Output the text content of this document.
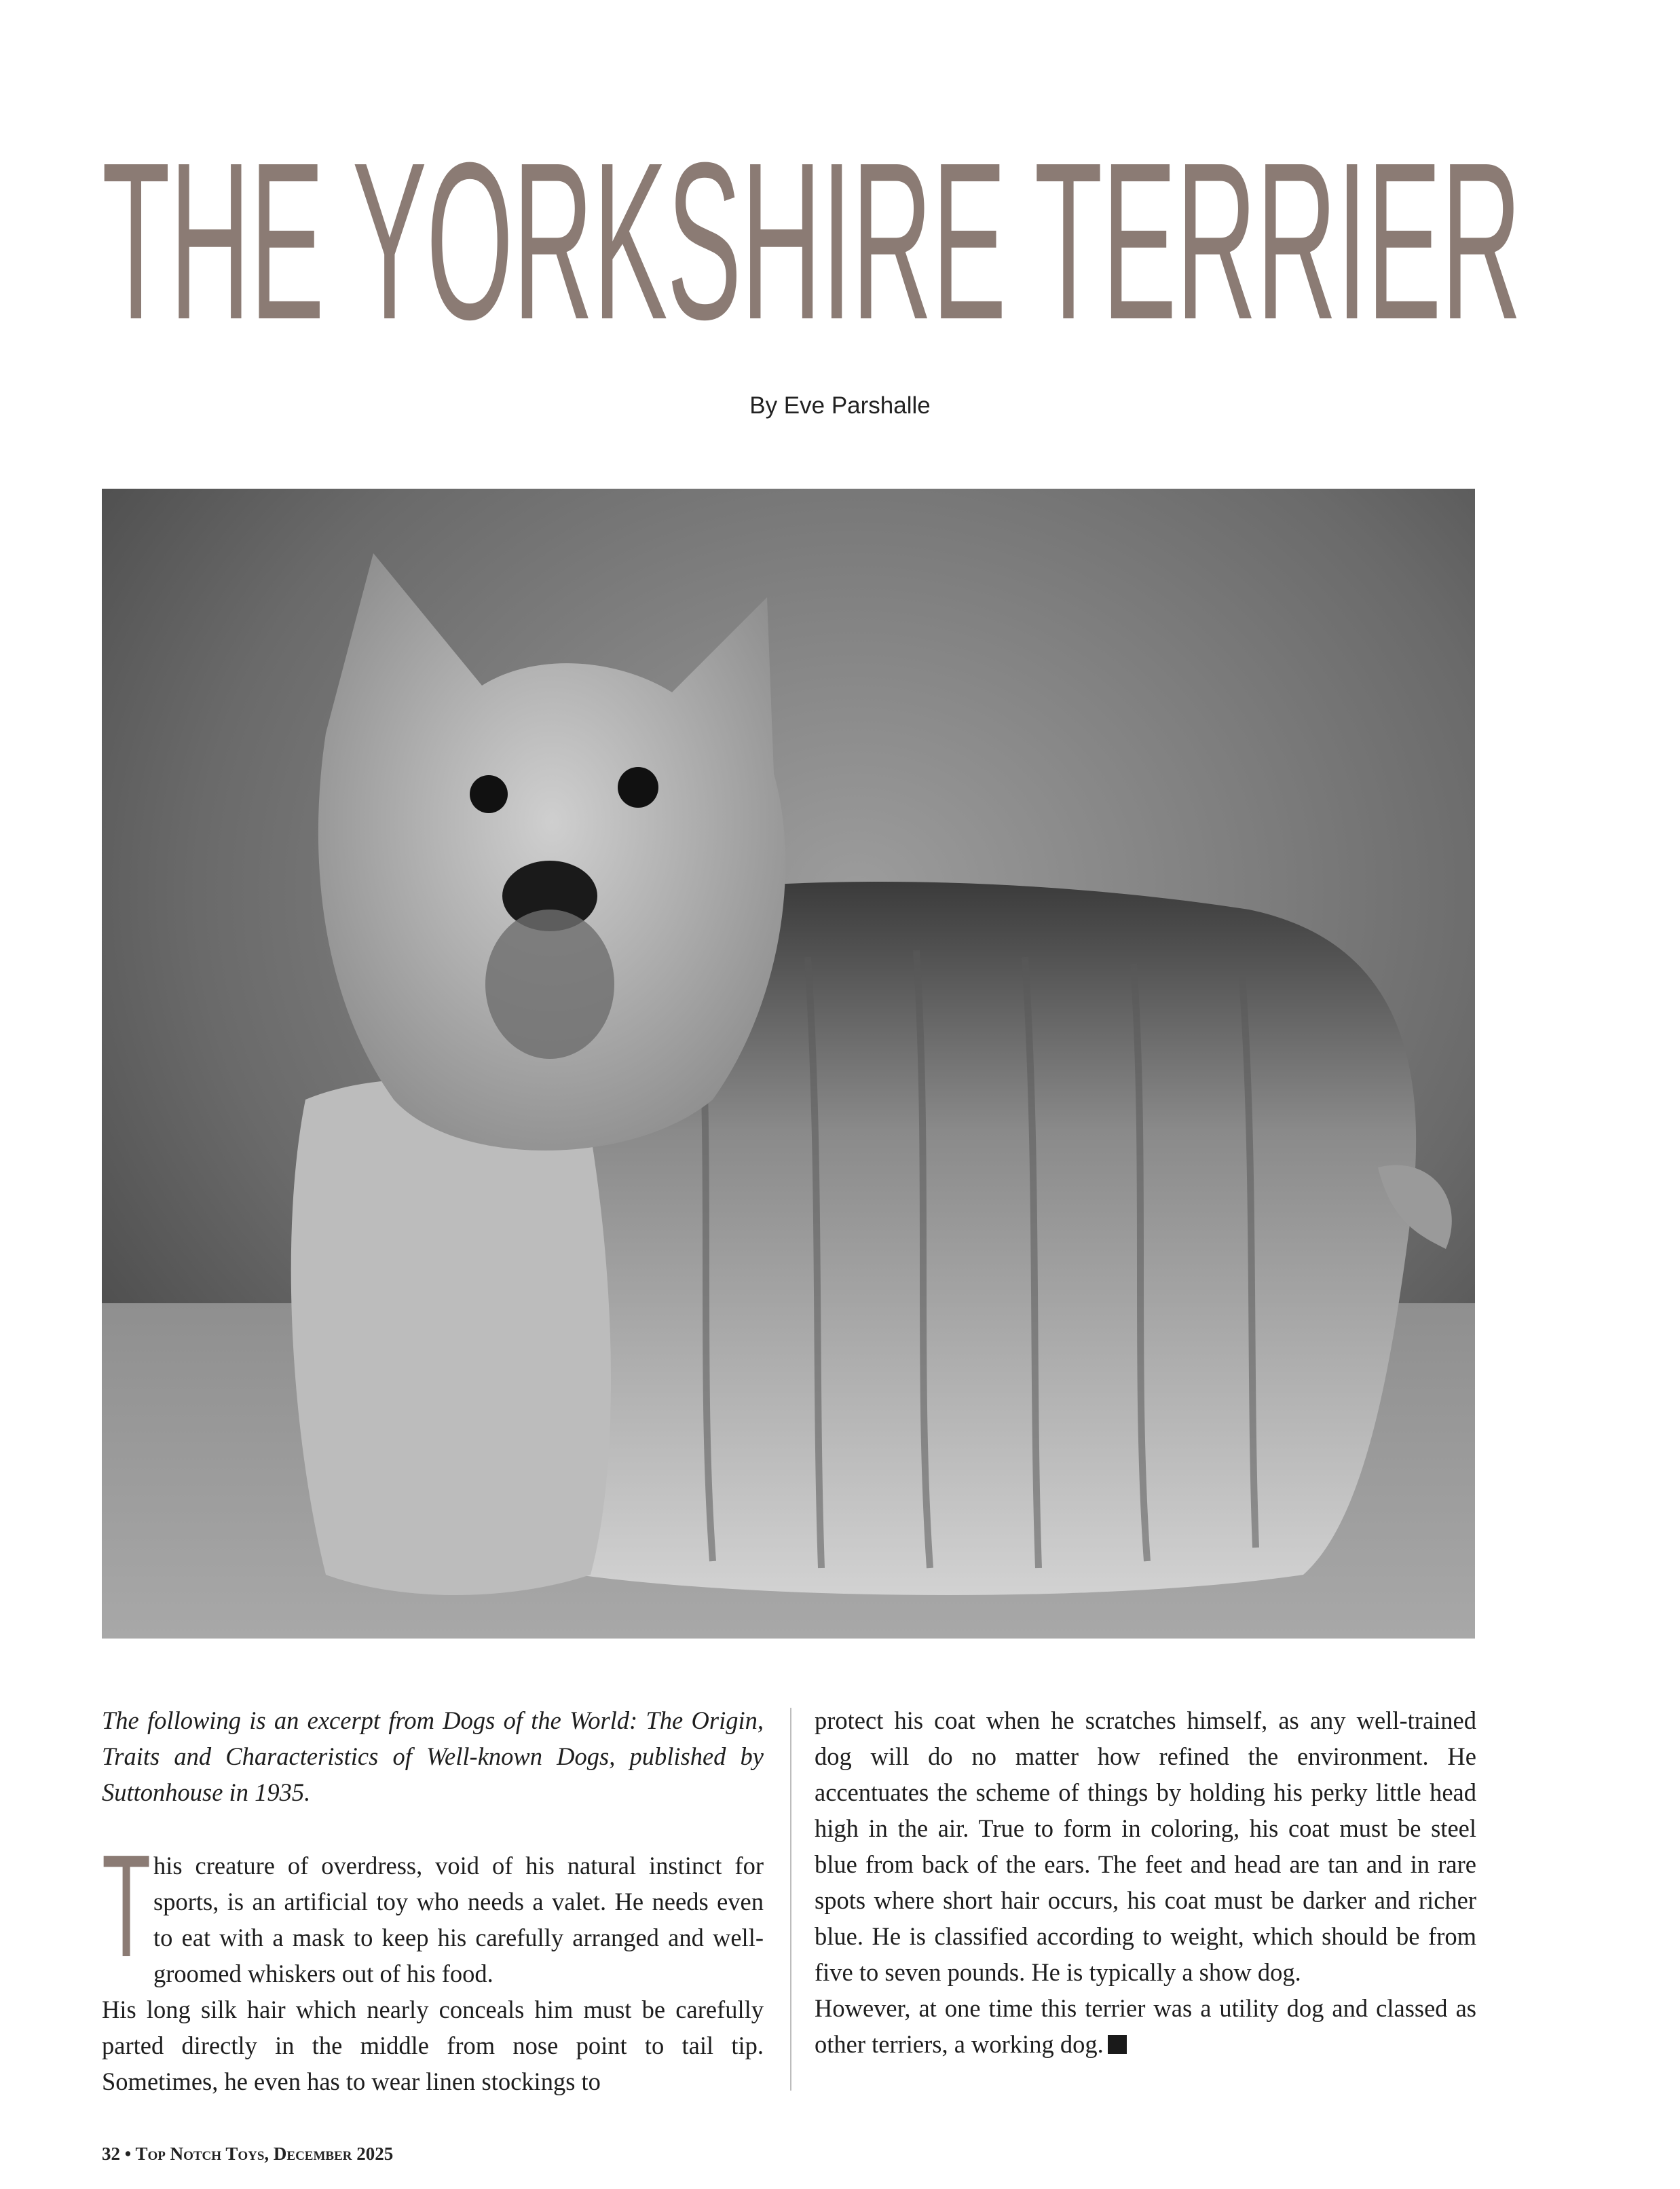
THE YORKSHIRE TERRIER
By Eve Parshalle

The following is an excerpt from Dogs of the World: The Origin, Traits and Characteristics of Well-known Dogs, published by Suttonhouse in 1935.

This creature of overdress, void of his natural instinct for sports, is an artificial toy who needs a valet. He needs even to eat with a mask to keep his carefully arranged and well-groomed whiskers out of his food.

His long silk hair which nearly conceals him must be carefully parted directly in the middle from nose point to tail tip. Sometimes, he even has to wear linen stockings to

protect his coat when he scratches himself, as any well-trained dog will do no matter how refined the environment. He accentuates the scheme of things by holding his perky little head high in the air. True to form in coloring, his coat must be steel blue from back of the ears. The feet and head are tan and in rare spots where short hair occurs, his coat must be darker and richer blue. He is classified according to weight, which should be from five to seven pounds. He is typically a show dog.

However, at one time this terrier was a utility dog and classed as other terriers, a working dog.

32 • Top Notch Toys, December 2025
